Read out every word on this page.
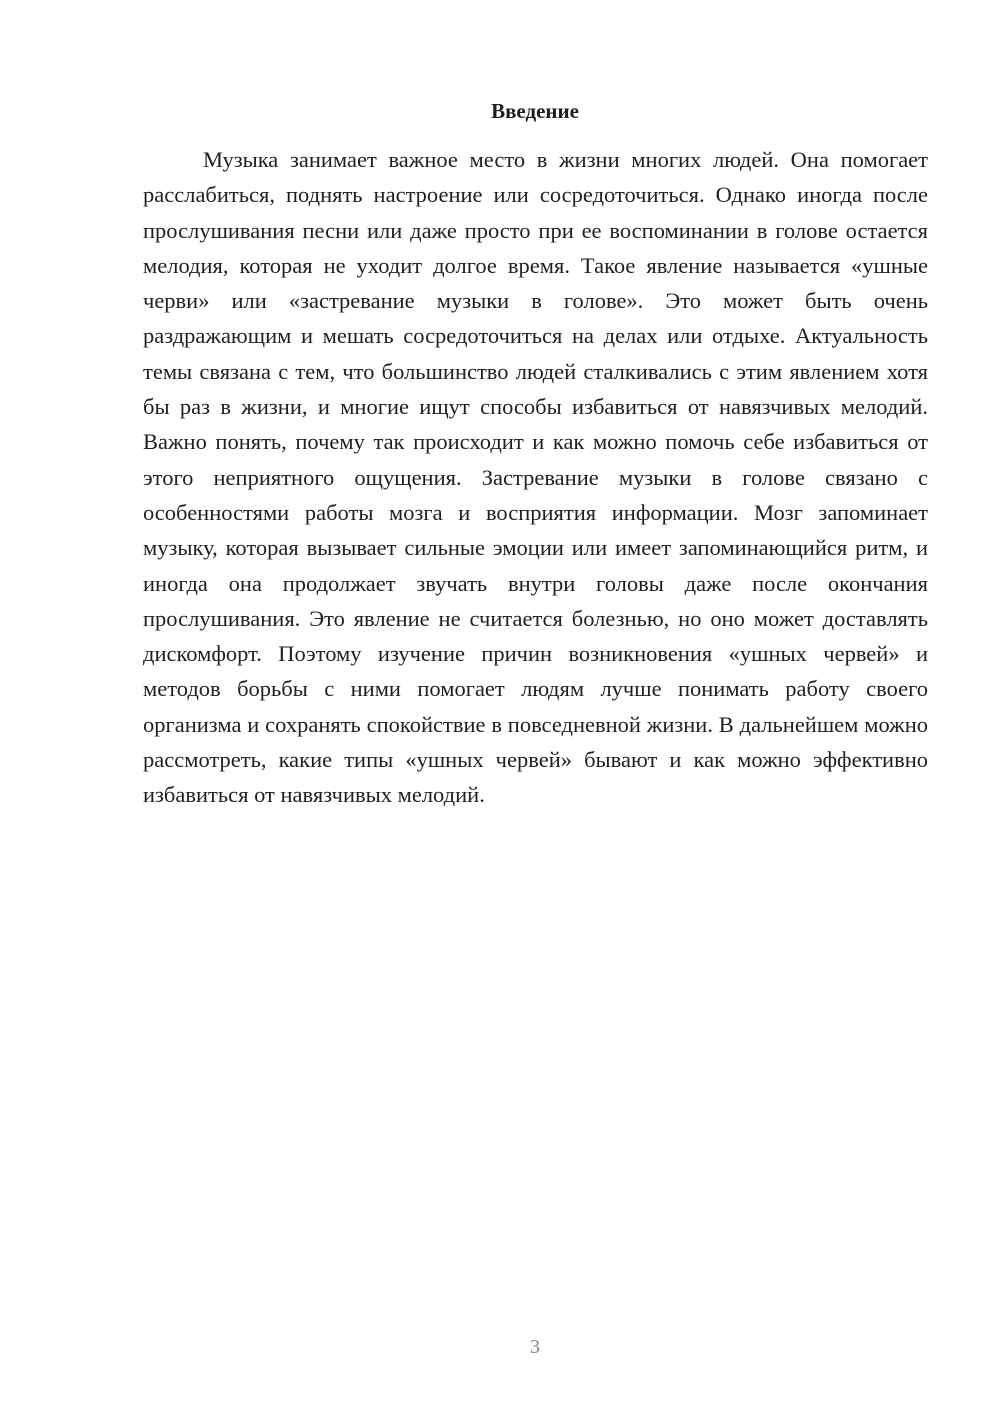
Введение

Музыка занимает важное место в жизни многих людей. Она помогает расслабиться, поднять настроение или сосредоточиться. Однако иногда после прослушивания песни или даже просто при ее воспоминании в голове остается мелодия, которая не уходит долгое время. Такое явление называется «ушные черви» или «застревание музыки в голове». Это может быть очень раздражающим и мешать сосредоточиться на делах или отдыхе. Актуальность темы связана с тем, что большинство людей сталкивались с этим явлением хотя бы раз в жизни, и многие ищут способы избавиться от навязчивых мелодий. Важно понять, почему так происходит и как можно помочь себе избавиться от этого неприятного ощущения. Застревание музыки в голове связано с особенностями работы мозга и восприятия информации. Мозг запоминает музыку, которая вызывает сильные эмоции или имеет запоминающийся ритм, и иногда она продолжает звучать внутри головы даже после окончания прослушивания. Это явление не считается болезнью, но оно может доставлять дискомфорт. Поэтому изучение причин возникновения «ушных червей» и методов борьбы с ними помогает людям лучше понимать работу своего организма и сохранять спокойствие в повседневной жизни. В дальнейшем можно рассмотреть, какие типы «ушных червей» бывают и как можно эффективно избавиться от навязчивых мелодий.

3
